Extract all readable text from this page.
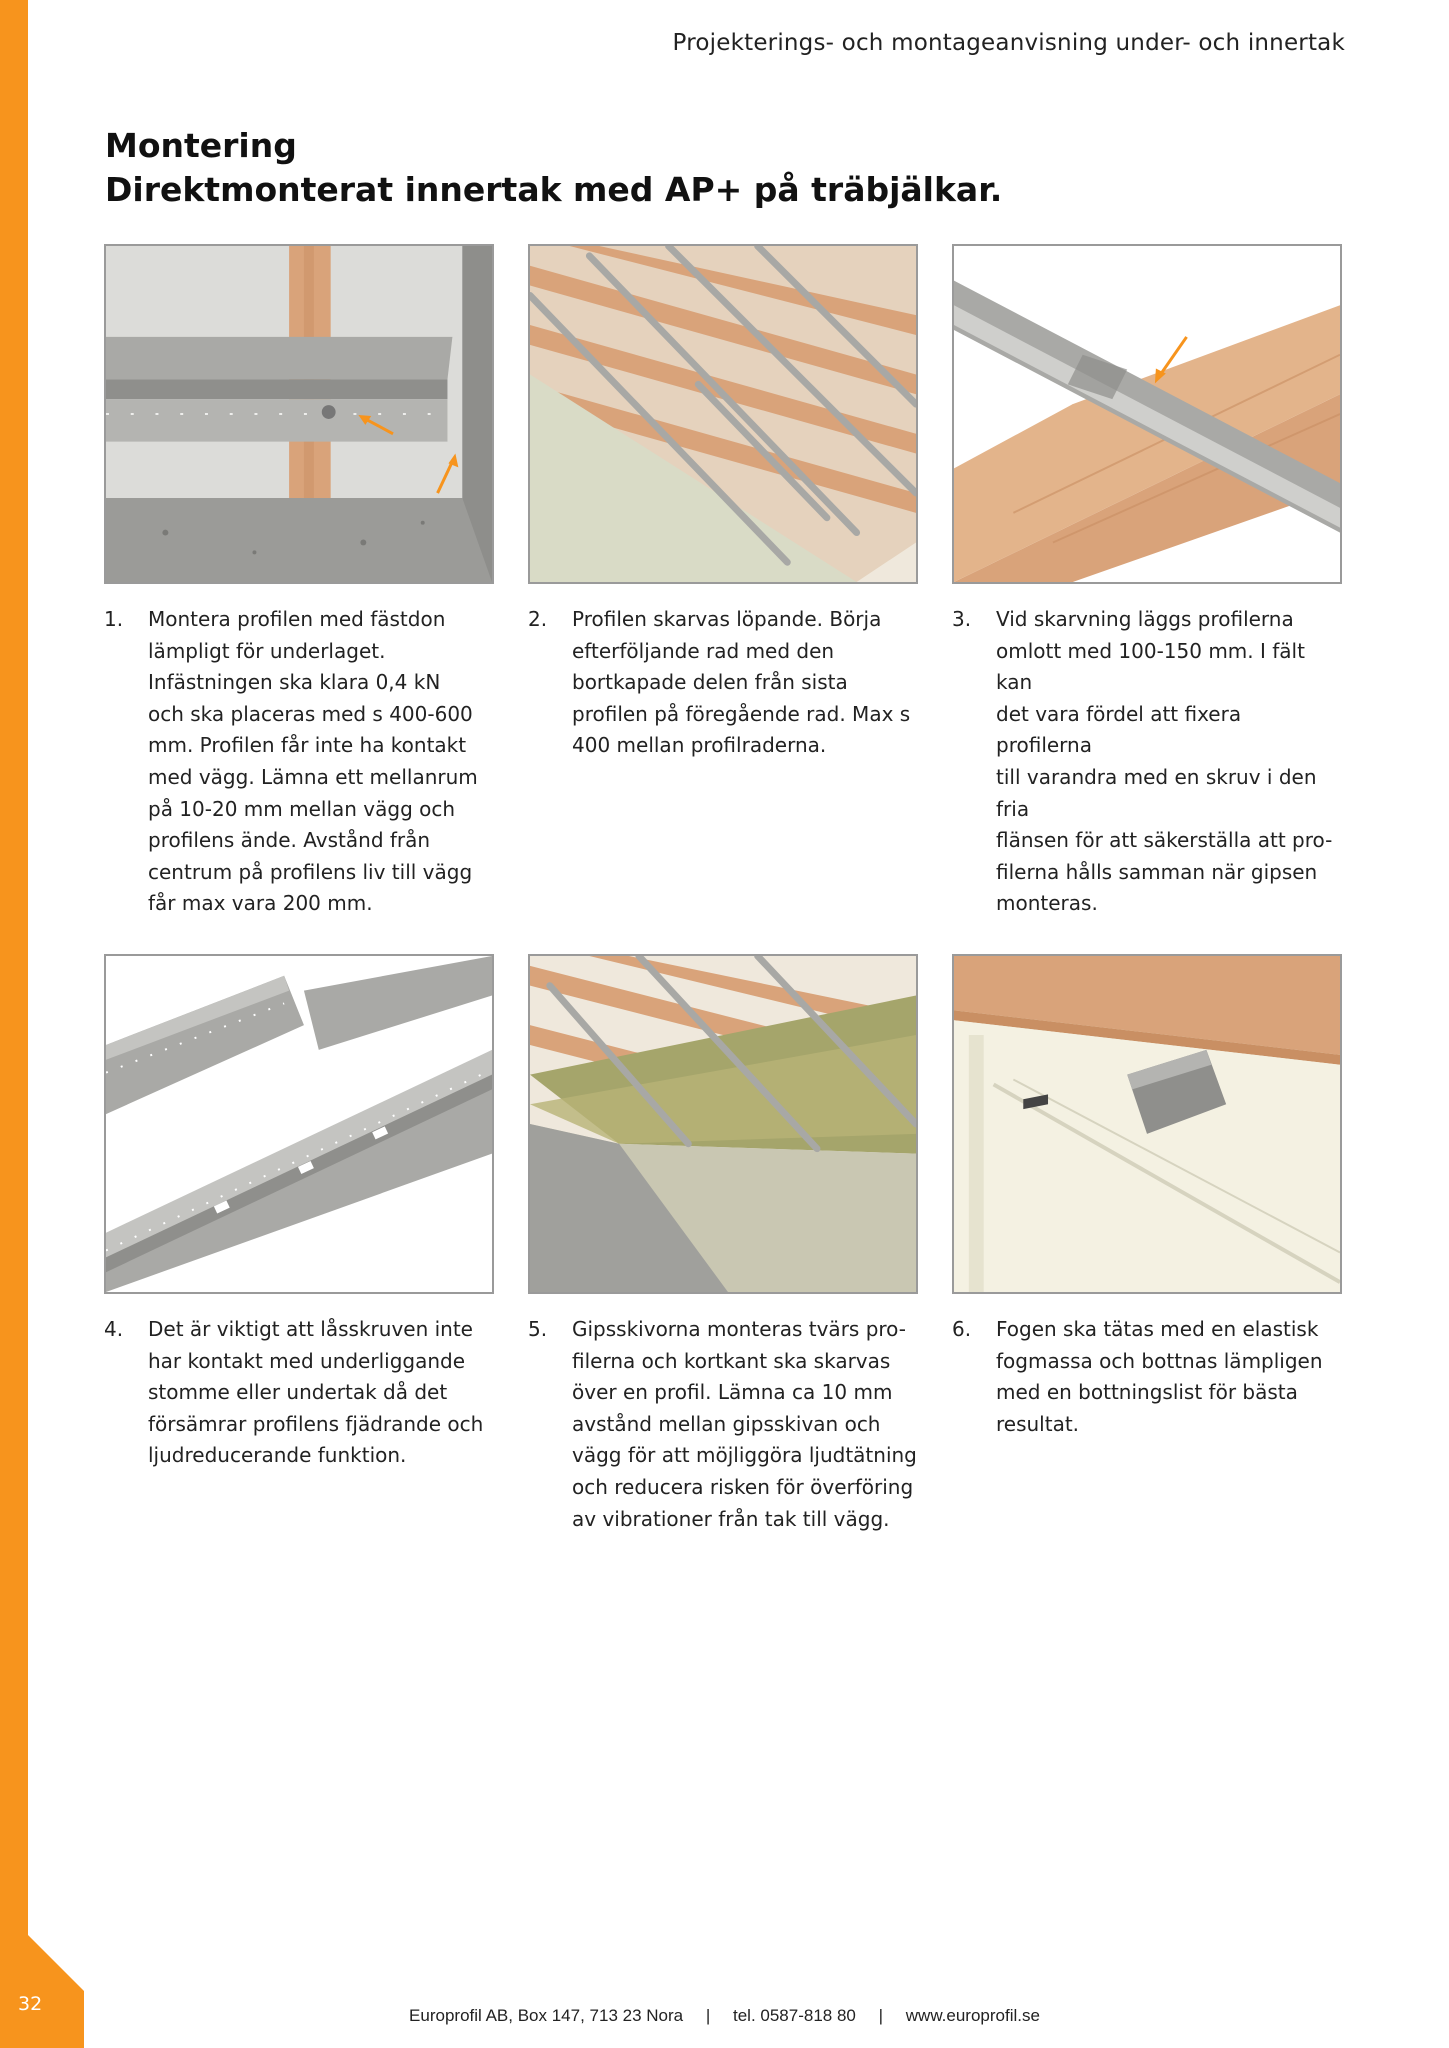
32
Projekterings- och montageanvisning under- och innertak
Montering
Direktmonterat innertak med AP+ på träbjälkar.
1. Montera profilen med fästdon
lämpligt för underlaget.
Infästningen ska klara 0,4 kN
och ska placeras med s 400-600
mm. Profilen får inte ha kontakt
med vägg. Lämna ett mellanrum
på 10-20 mm mellan vägg och
profilens ände. Avstånd från
centrum på profilens liv till vägg
får max vara 200 mm.
2. Profilen skarvas löpande. Börja
efterföljande rad med den
bortkapade delen från sista
profilen på föregående rad. Max s
400 mellan profilraderna.
3. Vid skarvning läggs profilerna
omlott med 100-150 mm. I fält kan
det vara fördel att fixera profilerna
till varandra med en skruv i den fria
flänsen för att säkerställa att pro-
filerna hålls samman när gipsen
monteras.
4. Det är viktigt att låsskruven inte
har kontakt med underliggande
stomme eller undertak då det
försämrar profilens fjädrande och
ljudreducerande funktion.
5. Gipsskivorna monteras tvärs pro-
filerna och kortkant ska skarvas
över en profil. Lämna ca 10 mm
avstånd mellan gipsskivan och
vägg för att möjliggöra ljudtätning
och reducera risken för överföring
av vibrationer från tak till vägg.
6. Fogen ska tätas med en elastisk
fogmassa och bottnas lämpligen
med en bottningslist för bästa
resultat.
Europrofil AB, Box 147, 713 23 Nora | tel. 0587-818 80 | www.europrofil.se
